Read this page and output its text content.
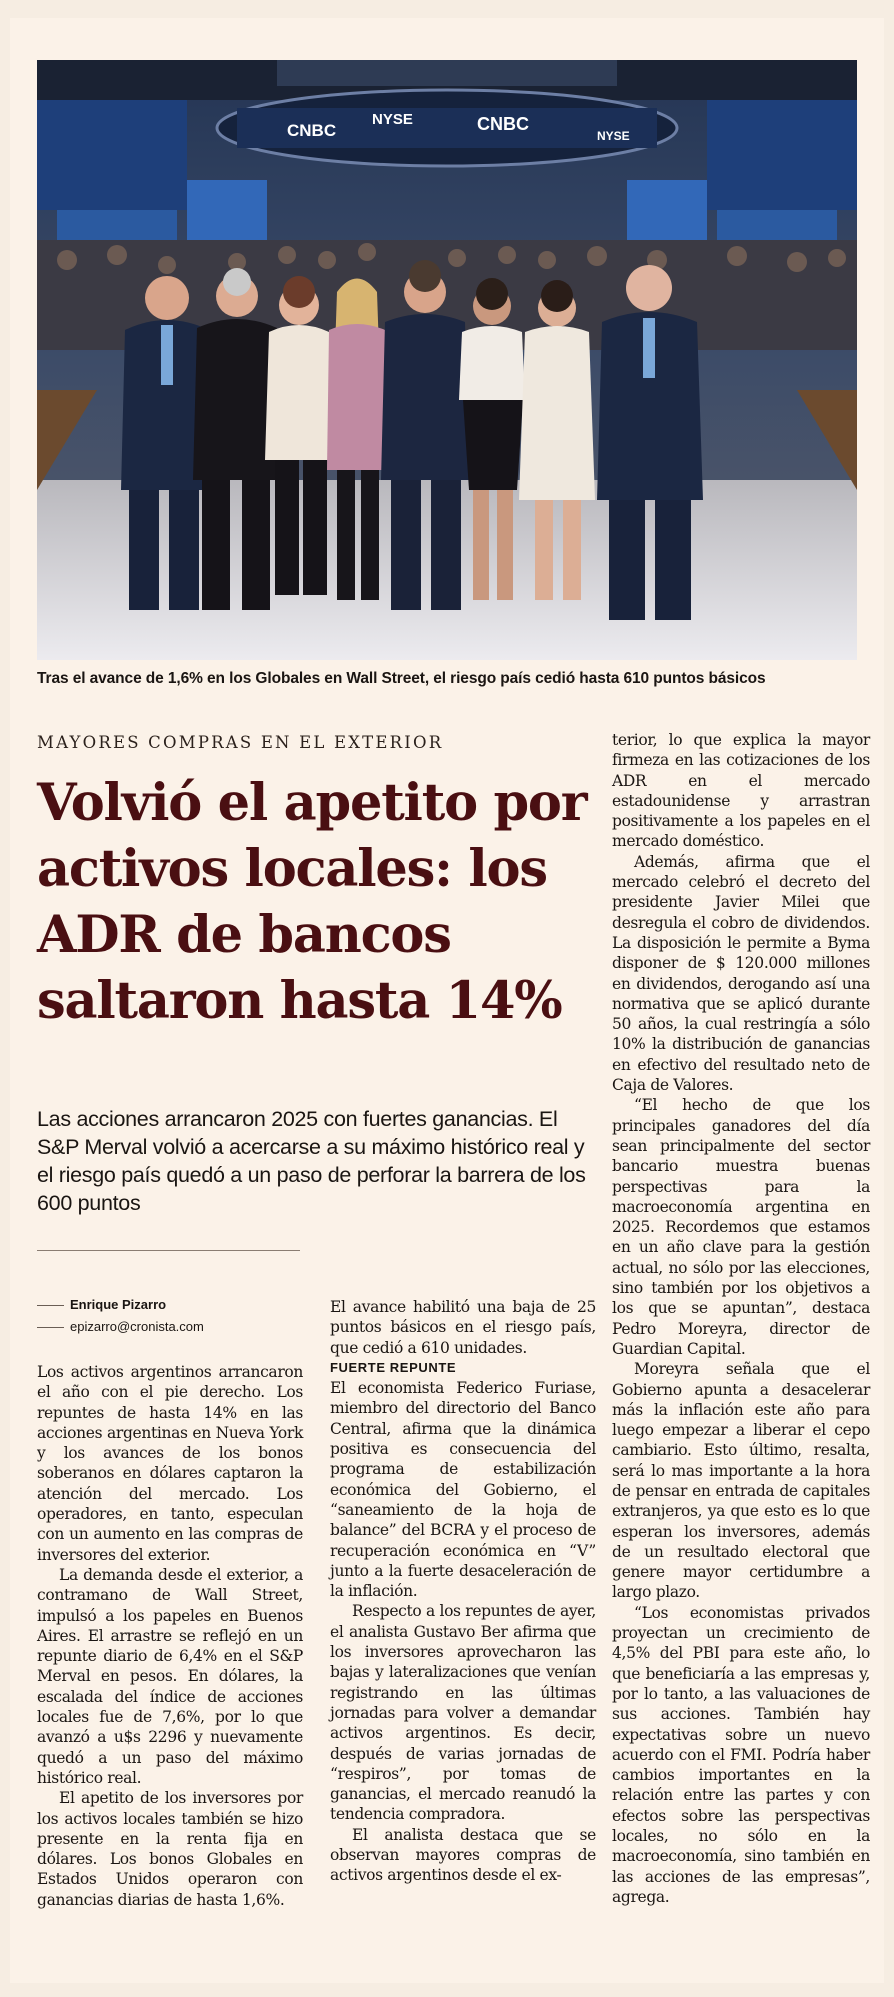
CNBC
NYSE	CNBC
NYSE
Tras el avance de 1,6% en los Globales en Wall Street, el riesgo país cedió hasta 610 puntos básicos
MAYORES COMPRAS EN EL EXTERIOR
Volvió el apetito por activos locales: los ADR de bancos saltaron hasta 14%
Las acciones arrancaron 2025 con fuertes ganancias. El S&P Merval volvió a acercarse a su máximo histórico real y el riesgo país quedó a un paso de perforar la barrera de los 600 puntos
Enrique Pizarro
epizarro@cronista.com

Los activos argentinos arrancaron el año con el pie derecho. Los repuntes de hasta 14% en las acciones argentinas en Nueva York y los avances de los bonos soberanos en dólares captaron la atención del mercado. Los operadores, en tanto, especulan con un aumento en las compras de inversores del exterior.

La demanda desde el exterior, a contramano de Wall Street, impulsó a los papeles en Buenos Aires. El arrastre se reflejó en un repunte diario de 6,4% en el S&P Merval en pesos. En dólares, la escalada del índice de acciones locales fue de 7,6%, por lo que avanzó a u$s 2296 y nuevamente quedó a un paso del máximo histórico real.

El apetito de los inversores por los activos locales también se hizo presente en la renta fija en dólares. Los bonos Globales en Estados Unidos operaron con ganancias diarias de hasta 1,6%.

El avance habilitó una baja de 25 puntos básicos en el riesgo país, que cedió a 610 unidades.

FUERTE REPUNTE

El economista Federico Furiase, miembro del directorio del Banco Central, afirma que la dinámica positiva es consecuencia del programa de estabilización económica del Gobierno, el “saneamiento de la hoja de balance” del BCRA y el proceso de recuperación económica en “V” junto a la fuerte desaceleración de la inflación.

Respecto a los repuntes de ayer, el analista Gustavo Ber afirma que los inversores aprovecharon las bajas y lateralizaciones que venían registrando en las últimas jornadas para volver a demandar activos argentinos. Es decir, después de varias jornadas de “respiros”, por tomas de ganancias, el mercado reanudó la tendencia compradora.

El analista destaca que se observan mayores compras de activos argentinos desde el ex-

terior, lo que explica la mayor firmeza en las cotizaciones de los ADR en el mercado estadounidense y arrastran positivamente a los papeles en el mercado doméstico.

Además, afirma que el mercado celebró el decreto del presidente Javier Milei que desregula el cobro de dividendos. La disposición le permite a Byma disponer de $ 120.000 millones en dividendos, derogando así una normativa que se aplicó durante 50 años, la cual restringía a sólo 10% la distribución de ganancias en efectivo del resultado neto de Caja de Valores.

“El hecho de que los principales ganadores del día sean principalmente del sector bancario muestra buenas perspectivas para la macroeconomía argentina en 2025. Recordemos que estamos en un año clave para la gestión actual, no sólo por las elecciones, sino también por los objetivos a los que se apuntan”, destaca Pedro Moreyra, director de Guardian Capital.

Moreyra señala que el Gobierno apunta a desacelerar más la inflación este año para luego empezar a liberar el cepo cambiario. Esto último, resalta, será lo mas importante a la hora de pensar en entrada de capitales extranjeros, ya que esto es lo que esperan los inversores, además de un resultado electoral que genere mayor certidumbre a largo plazo.

“Los economistas privados proyectan un crecimiento de 4,5% del PBI para este año, lo que beneficiaría a las empresas y, por lo tanto, a las valuaciones de sus acciones. También hay expectativas sobre un nuevo acuerdo con el FMI. Podría haber cambios importantes en la relación entre las partes y con efectos sobre las perspectivas locales, no sólo en la macroeconomía, sino también en las acciones de las empresas”, agrega.
